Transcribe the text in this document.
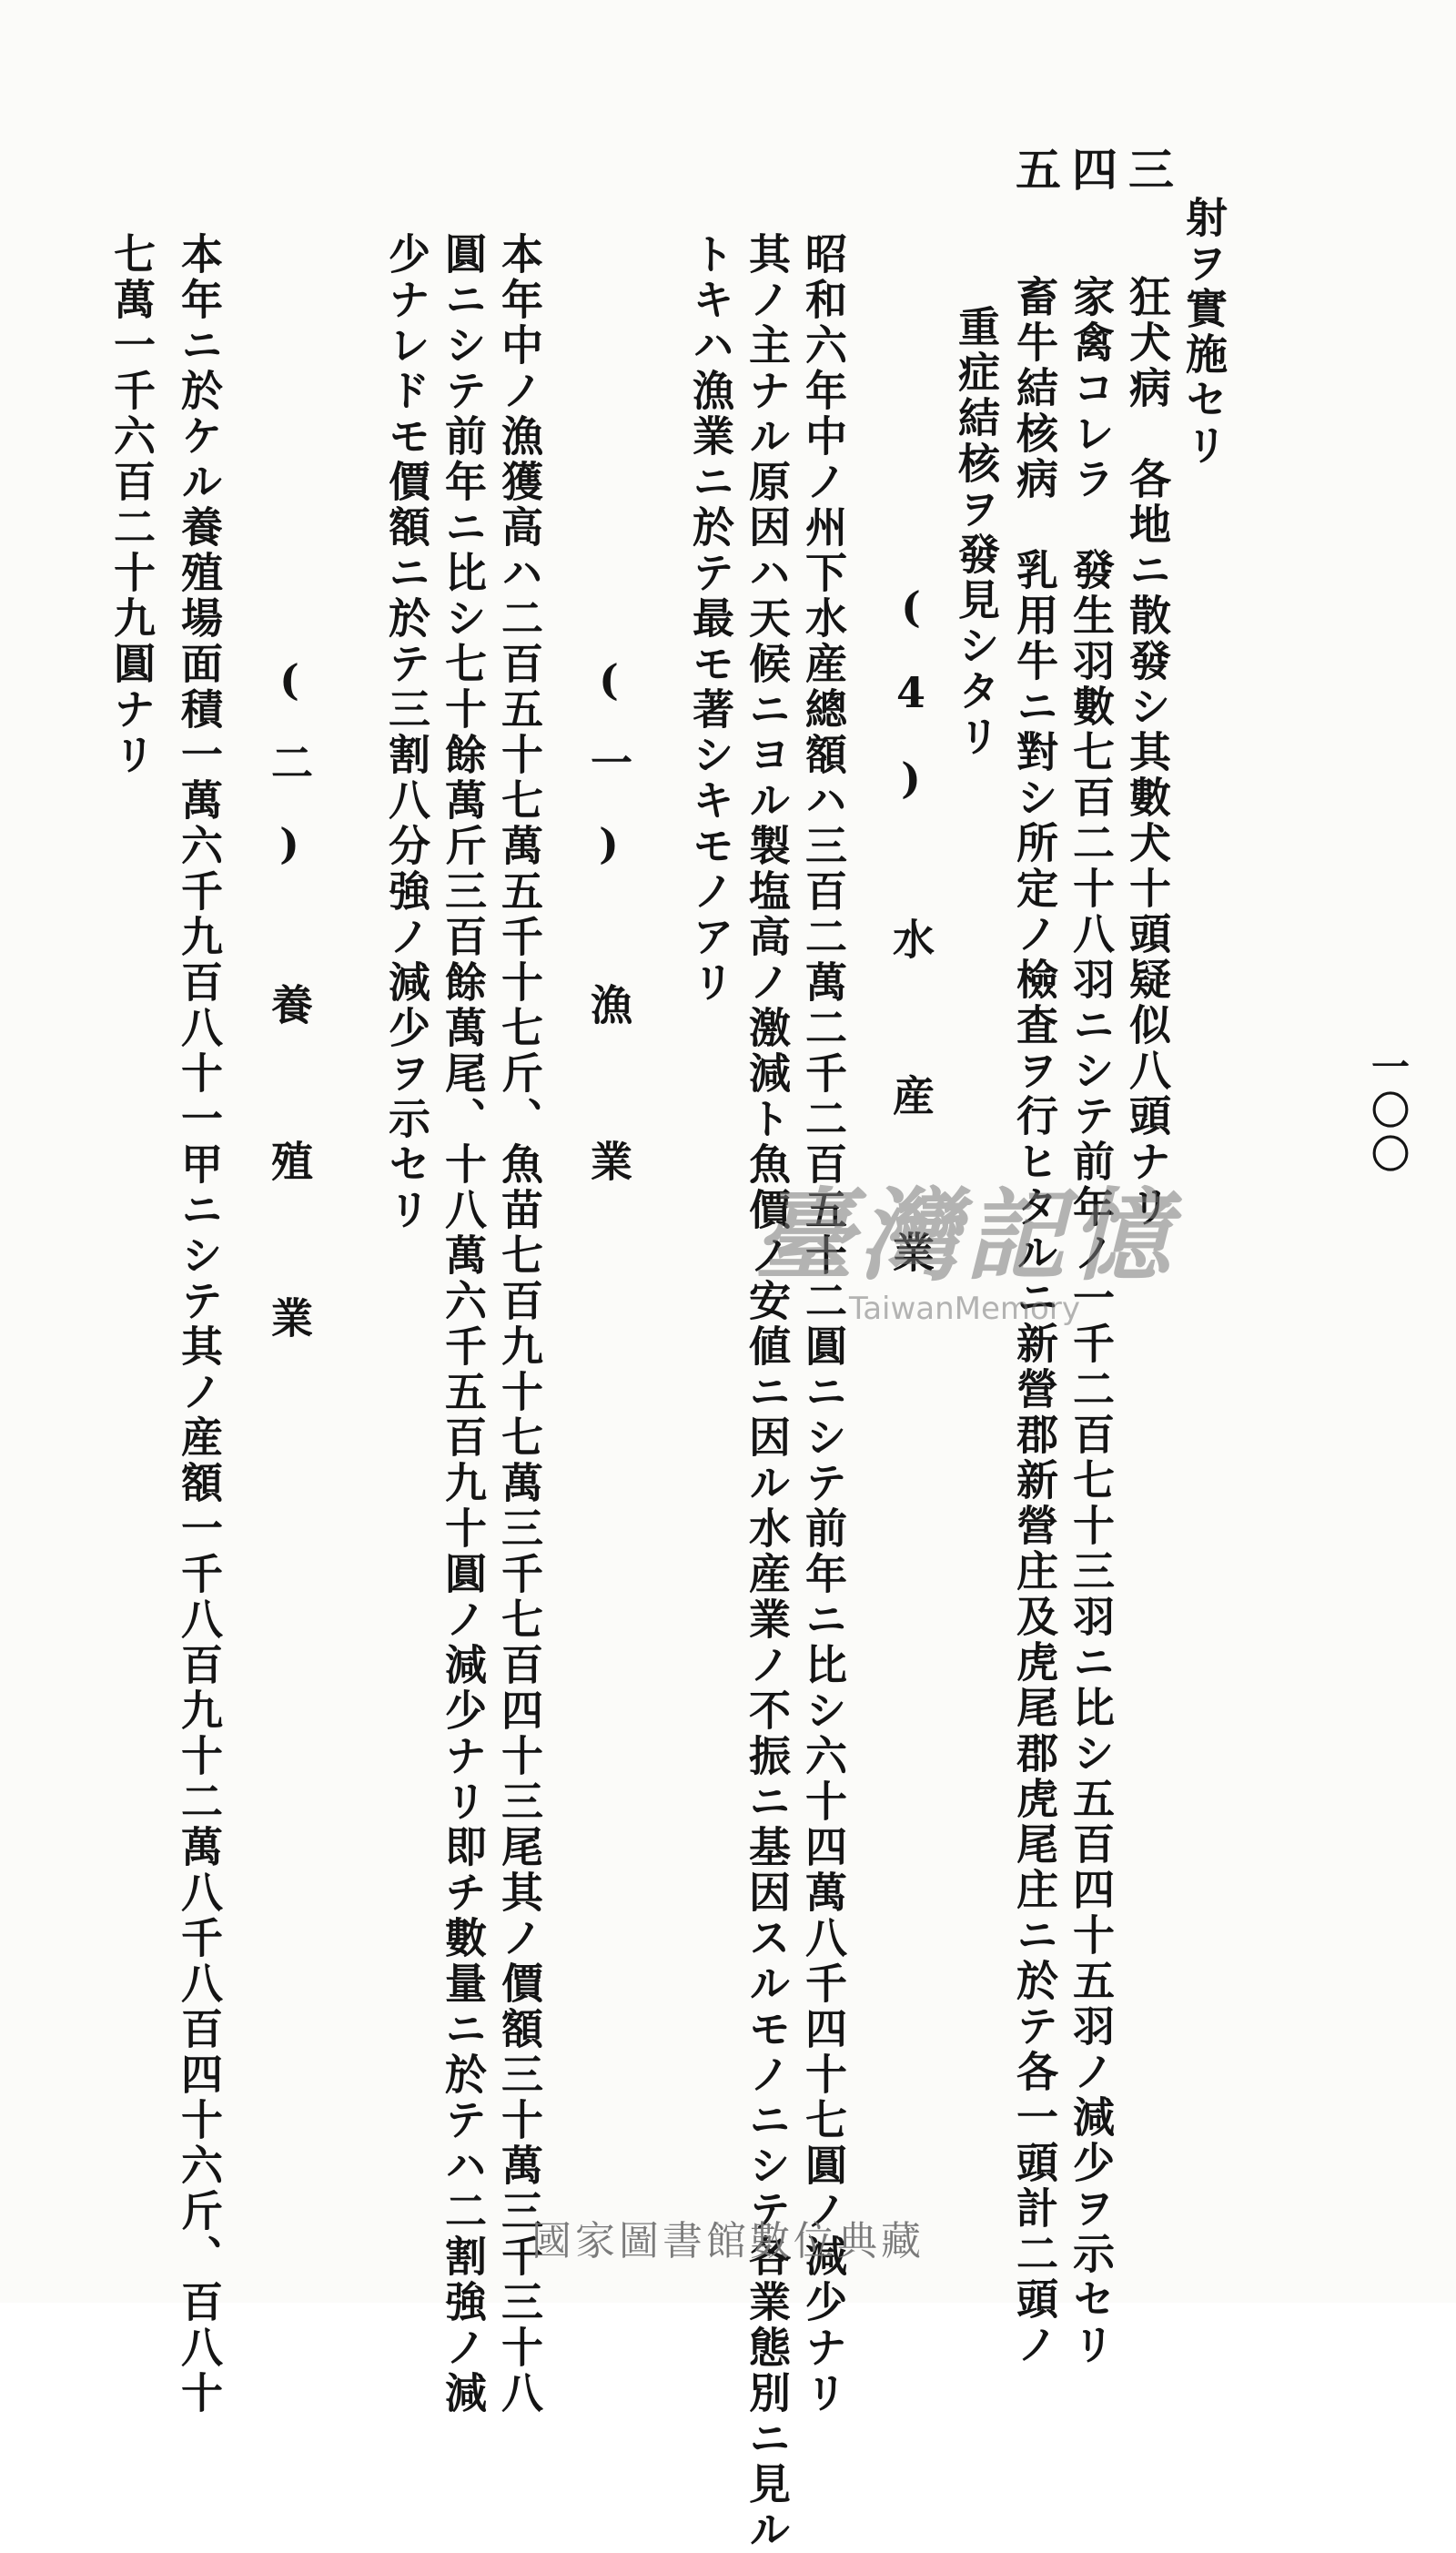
一〇〇
射ヲ實施セリ
三 狂犬病　各地ニ散發シ其數犬十頭疑似八頭ナリ
四 家禽コレラ　發生羽數七百二十八羽ニシテ前年ノ一千二百七十三羽ニ比シ五百四十五羽ノ減少ヲ示セリ
五 畜牛結核病　乳用牛ニ對シ所定ノ檢査ヲ行ヒタルニ新營郡新營庄及虎尾郡虎尾庄ニ於テ各一頭計二頭ノ
重症結核ヲ發見シタリ
(4)　水　産　業
昭和六年中ノ州下水産總額ハ三百二萬二千二百五十二圓ニシテ前年ニ比シ六十四萬八千四十七圓ノ減少ナリ
其ノ主ナル原因ハ天候ニヨル製塩高ノ激減ト魚價ノ安値ニ因ル水産業ノ不振ニ基因スルモノニシテ各業態別ニ見ル
トキハ漁業ニ於テ最モ著シキモノアリ
(一)　漁　業
本年中ノ漁獲高ハ二百五十七萬五千十七斤、魚苗七百九十七萬三千七百四十三尾其ノ價額三十萬三千三十八
圓ニシテ前年ニ比シ七十餘萬斤三百餘萬尾、十八萬六千五百九十圓ノ減少ナリ即チ數量ニ於テハ二割強ノ減
少ナレドモ價額ニ於テ三割八分強ノ減少ヲ示セリ
(二)　養　殖　業
本年ニ於ケル養殖場面積一萬六千九百八十一甲ニシテ其ノ産額一千八百九十二萬八千八百四十六斤、百八十
七萬一千六百二十九圓ナリ
臺灣記憶
TaiwanMemory
國家圖書館數位典藏
